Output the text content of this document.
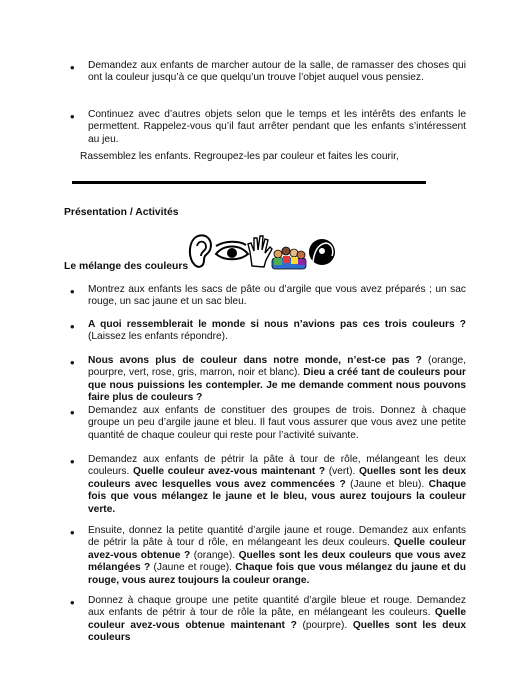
• Demandez aux enfants de marcher autour de la salle, de ramasser des choses qui ont la couleur jusqu’à ce que quelqu’un trouve l’objet auquel vous pensiez.
• Continuez avec d’autres objets selon que le temps et les intérêts des enfants le permettent. Rappelez-vous qu’il faut arrêter pendant que les enfants s’intéressent au jeu.
Rassemblez les enfants. Regroupez-les par couleur et faites les courir,
Présentation / Activités
Le mélange des couleurs
• Montrez aux enfants les sacs de pâte ou d’argile que vous avez préparés ; un sac rouge, un sac jaune et un sac bleu.
• A quoi ressemblerait le monde si nous n’avions pas ces trois couleurs ? (Laissez les enfants répondre).
• Nous avons plus de couleur dans notre monde, n’est-ce pas ? (orange, pourpre, vert, rose, gris, marron, noir et blanc). Dieu a créé tant de couleurs pour que nous puissions les contempler. Je me demande comment nous pouvons faire plus de couleurs ?
• Demandez aux enfants de constituer des groupes de trois. Donnez à chaque groupe un peu d’argile jaune et bleu. Il faut vous assurer que vous avez une petite quantité de chaque couleur qui reste pour l’activité suivante.
• Demandez aux enfants de pétrir la pâte à tour de rôle, mélangeant les deux couleurs. Quelle couleur avez-vous maintenant ? (vert). Quelles sont les deux couleurs avec lesquelles vous avez commencées ? (Jaune et bleu). Chaque fois que vous mélangez le jaune et le bleu, vous aurez toujours la couleur verte.
• Ensuite, donnez la petite quantité d’argile jaune et rouge. Demandez aux enfants de pétrir la pâte à tour d rôle, en mélangeant les deux couleurs. Quelle couleur avez-vous obtenue ? (orange). Quelles sont les deux couleurs que vous avez mélangées ? (Jaune et rouge). Chaque fois que vous mélangez du jaune et du rouge, vous aurez toujours la couleur orange.
• Donnez à chaque groupe une petite quantité d’argile bleue et rouge. Demandez aux enfants de pétrir à tour de rôle la pâte, en mélangeant les couleurs. Quelle couleur avez-vous obtenue maintenant ? (pourpre). Quelles sont les deux couleurs
